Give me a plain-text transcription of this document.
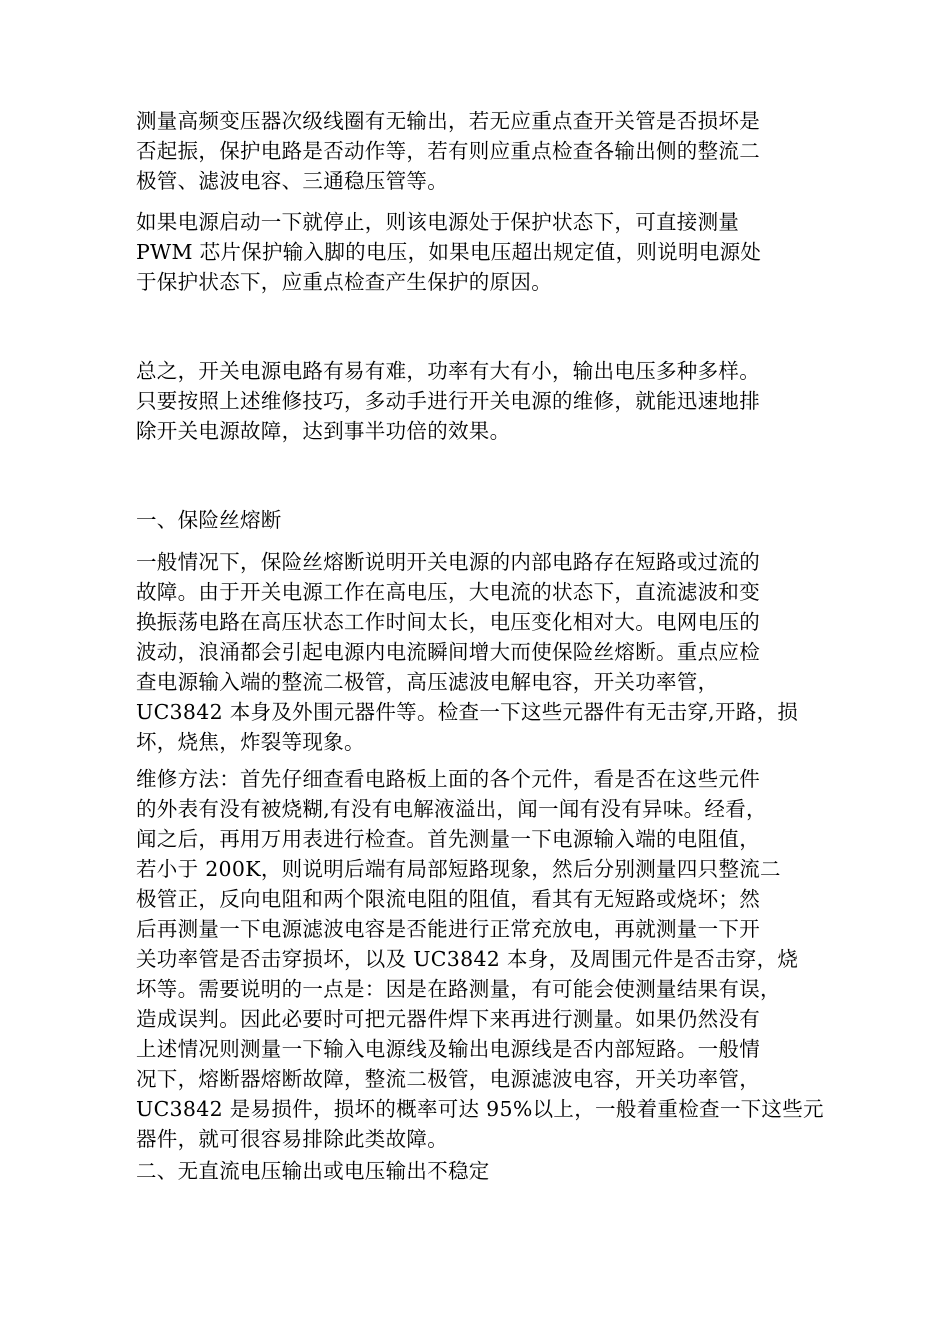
测量高频变压器次级线圈有无输出，若无应重点查开关管是否损坏是
否起振，保护电路是否动作等，若有则应重点检查各输出侧的整流二
极管、滤波电容、三通稳压管等。
如果电源启动一下就停止，则该电源处于保护状态下，可直接测量
PWM 芯片保护输入脚的电压，如果电压超出规定值，则说明电源处
于保护状态下，应重点检查产生保护的原因。
总之，开关电源电路有易有难，功率有大有小，输出电压多种多样。
只要按照上述维修技巧，多动手进行开关电源的维修，就能迅速地排
除开关电源故障，达到事半功倍的效果。
一、保险丝熔断
一般情况下，保险丝熔断说明开关电源的内部电路存在短路或过流的
故障。由于开关电源工作在高电压，大电流的状态下，直流滤波和变
换振荡电路在高压状态工作时间太长，电压变化相对大。电网电压的
波动，浪涌都会引起电源内电流瞬间增大而使保险丝熔断。重点应检
查电源输入端的整流二极管，高压滤波电解电容，开关功率管，
UC3842 本身及外围元器件等。检查一下这些元器件有无击穿,开路，损
坏，烧焦，炸裂等现象。
维修方法：首先仔细查看电路板上面的各个元件，看是否在这些元件
的外表有没有被烧糊,有没有电解液溢出，闻一闻有没有异味。经看，
闻之后，再用万用表进行检查。首先测量一下电源输入端的电阻值，
若小于 200K，则说明后端有局部短路现象，然后分别测量四只整流二
极管正，反向电阻和两个限流电阻的阻值，看其有无短路或烧坏；然
后再测量一下电源滤波电容是否能进行正常充放电，再就测量一下开
关功率管是否击穿损坏，以及 UC3842 本身，及周围元件是否击穿，烧
坏等。需要说明的一点是：因是在路测量，有可能会使测量结果有误，
造成误判。因此必要时可把元器件焊下来再进行测量。如果仍然没有
上述情况则测量一下输入电源线及输出电源线是否内部短路。一般情
况下，熔断器熔断故障，整流二极管，电源滤波电容，开关功率管，
UC3842 是易损件，损坏的概率可达 95%以上，一般着重检查一下这些元
器件，就可很容易排除此类故障。
二、无直流电压输出或电压输出不稳定
